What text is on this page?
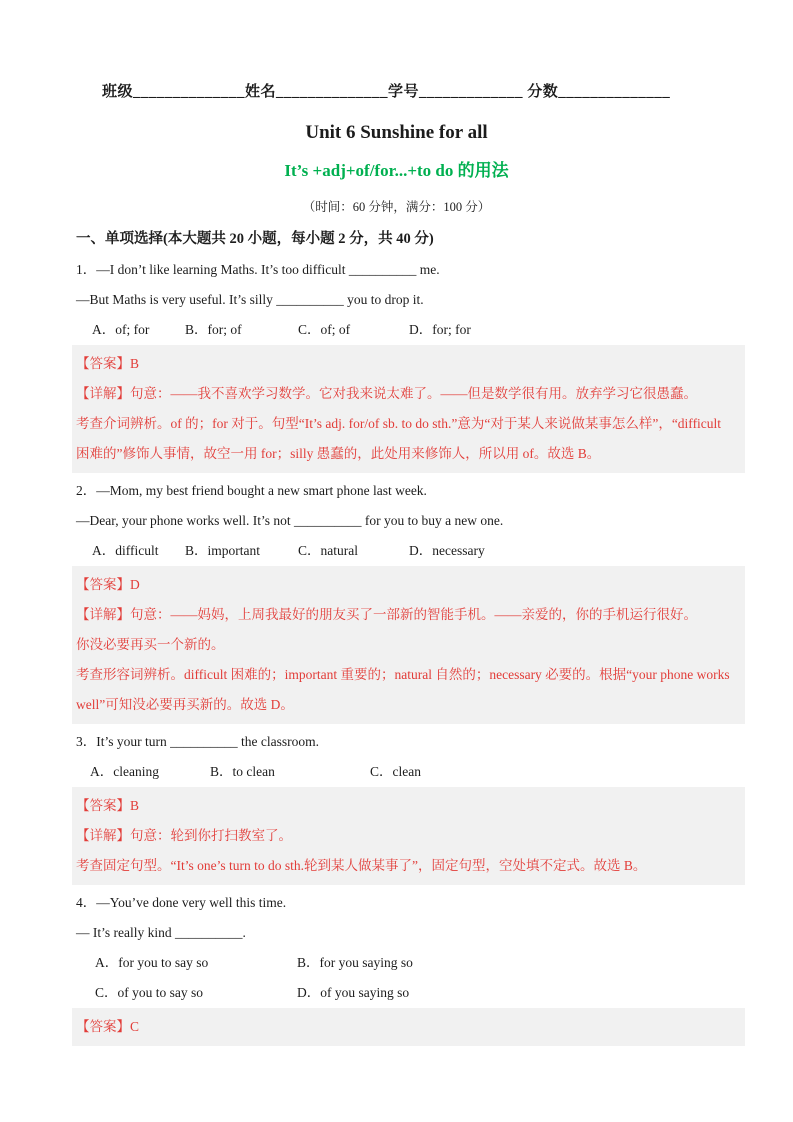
班级______________姓名______________学号_____________ 分数______________
Unit 6 Sunshine for all
It’s +adj+of/for...+to do 的用法
（时间：60 分钟，满分：100 分）
一、单项选择(本大题共 20 小题，每小题 2 分，共 40 分)

1．—I don’t like learning Maths. It’s too difficult __________ me.

—But Maths is very useful. It’s silly __________ you to drop it.

A．of; for	B．for; of	C．of; of	D．for; for

【答案】B

【详解】句意：——我不喜欢学习数学。它对我来说太难了。——但是数学很有用。放弃学习它很愚蠢。

考查介词辨析。of 的；for 对于。句型“It’s adj. for/of sb. to do sth.”意为“对于某人来说做某事怎么样”，“difficult

困难的”修饰人事情，故空一用 for；silly 愚蠢的，此处用来修饰人，所以用 of。故选 B。

2．—Mom, my best friend bought a new smart phone last week.

—Dear, your phone works well. It’s not __________ for you to buy a new one.

A．difficult	B．important	C．natural	D．necessary

【答案】D

【详解】句意：——妈妈，上周我最好的朋友买了一部新的智能手机。——亲爱的，你的手机运行很好。

你没必要再买一个新的。

考查形容词辨析。difficult 困难的；important 重要的；natural 自然的；necessary 必要的。根据“your phone works

well”可知没必要再买新的。故选 D。

3．It’s your turn __________ the classroom.

A．cleaning	B．to clean	C．clean

【答案】B

【详解】句意：轮到你打扫教室了。

考查固定句型。“It’s one’s turn to do sth.轮到某人做某事了”，固定句型，空处填不定式。故选 B。

4．—You’ve done very well this time.

— It’s really kind __________.

A．for you to say so	B．for you saying so
C．of you to say so	D．of you saying so

【答案】C
